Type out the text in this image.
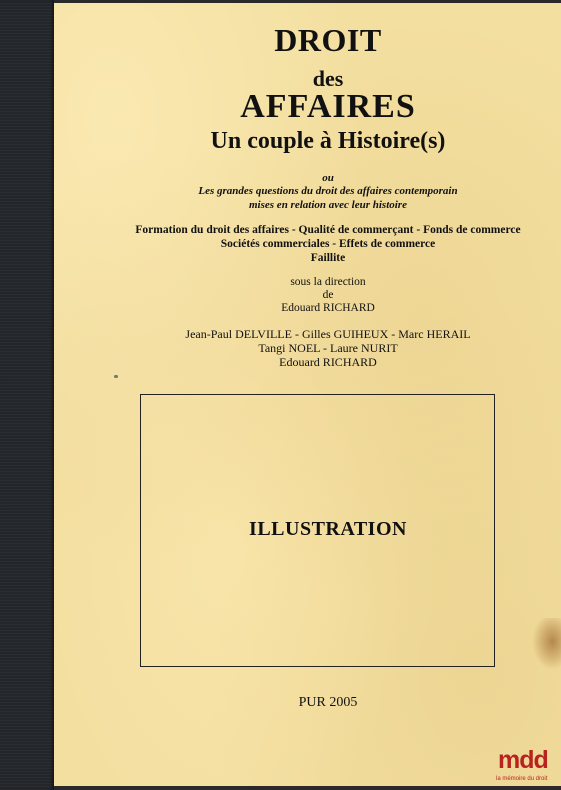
DROIT
des
AFFAIRES
Un couple à Histoire(s)
ou
Les grandes questions du droit des affaires contemporain
mises en relation avec leur histoire
Formation du droit des affaires - Qualité de commerçant - Fonds de commerce
Sociétés commerciales - Effets de commerce
Faillite
sous la direction
de
Edouard RICHARD
Jean-Paul DELVILLE - Gilles GUIHEUX - Marc HERAIL
Tangi NOEL - Laure NURIT
Edouard RICHARD
ILLUSTRATION
PUR 2005
mdd
la mémoire du droit
